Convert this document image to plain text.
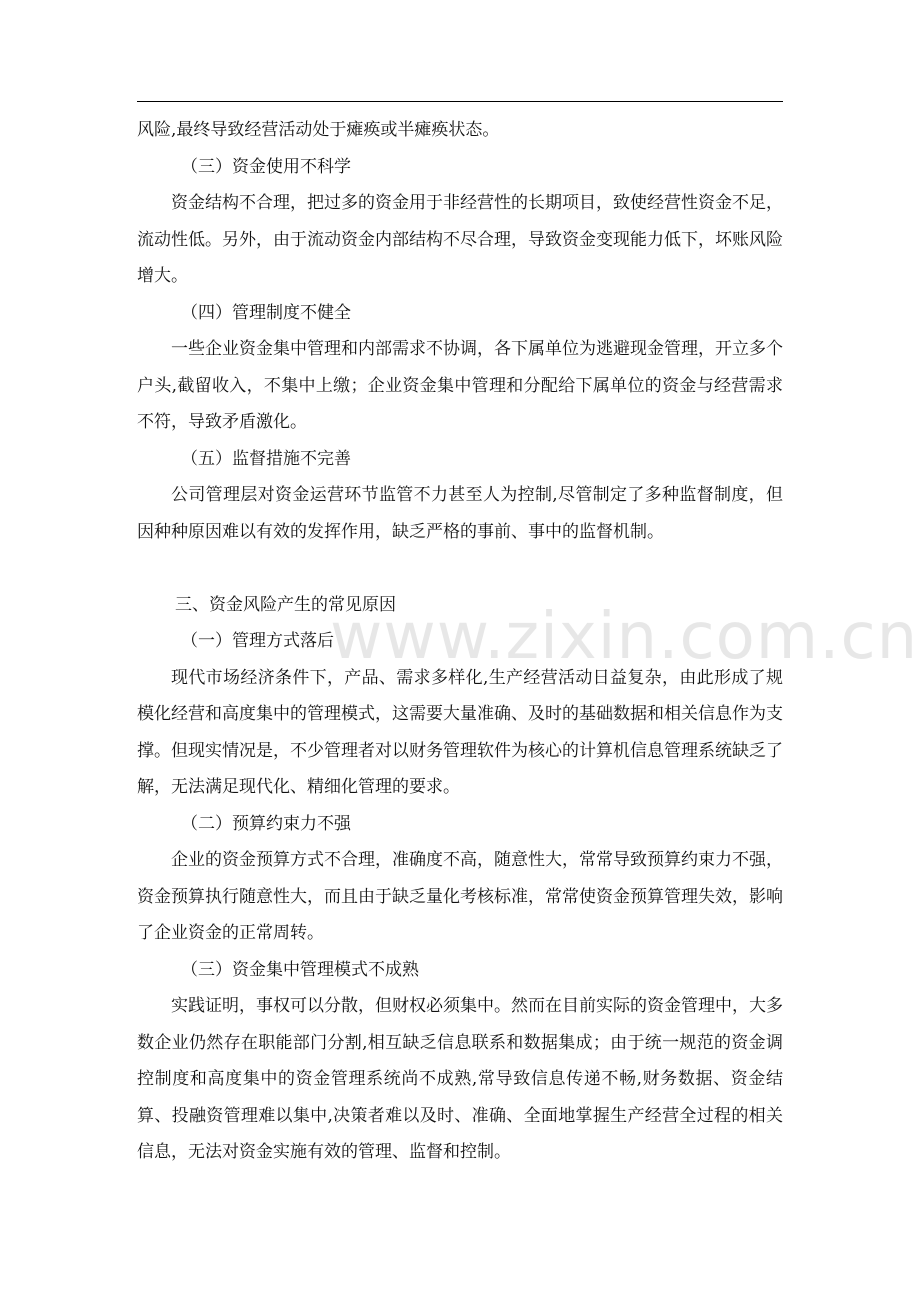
www.zixin.com.cn

风险,最终导致经营活动处于瘫痪或半瘫痪状态。

（三）资金使用不科学

资金结构不合理，把过多的资金用于非经营性的长期项目，致使经营性资金不足，流动性低。另外，由于流动资金内部结构不尽合理，导致资金变现能力低下，坏账风险增大。

（四）管理制度不健全

一些企业资金集中管理和内部需求不协调，各下属单位为逃避现金管理，开立多个户头,截留收入，不集中上缴；企业资金集中管理和分配给下属单位的资金与经营需求不符，导致矛盾激化。

（五）监督措施不完善

公司管理层对资金运营环节监管不力甚至人为控制,尽管制定了多种监督制度，但因种种原因难以有效的发挥作用，缺乏严格的事前、事中的监督机制。

三、资金风险产生的常见原因

（一）管理方式落后

现代市场经济条件下，产品、需求多样化,生产经营活动日益复杂，由此形成了规模化经营和高度集中的管理模式，这需要大量准确、及时的基础数据和相关信息作为支撑。但现实情况是，不少管理者对以财务管理软件为核心的计算机信息管理系统缺乏了解，无法满足现代化、精细化管理的要求。

（二）预算约束力不强

企业的资金预算方式不合理，准确度不高，随意性大，常常导致预算约束力不强，资金预算执行随意性大，而且由于缺乏量化考核标准，常常使资金预算管理失效，影响了企业资金的正常周转。

（三）资金集中管理模式不成熟

实践证明，事权可以分散，但财权必须集中。然而在目前实际的资金管理中，大多数企业仍然存在职能部门分割,相互缺乏信息联系和数据集成；由于统一规范的资金调控制度和高度集中的资金管理系统尚不成熟,常导致信息传递不畅,财务数据、资金结算、投融资管理难以集中,决策者难以及时、准确、全面地掌握生产经营全过程的相关信息，无法对资金实施有效的管理、监督和控制。
